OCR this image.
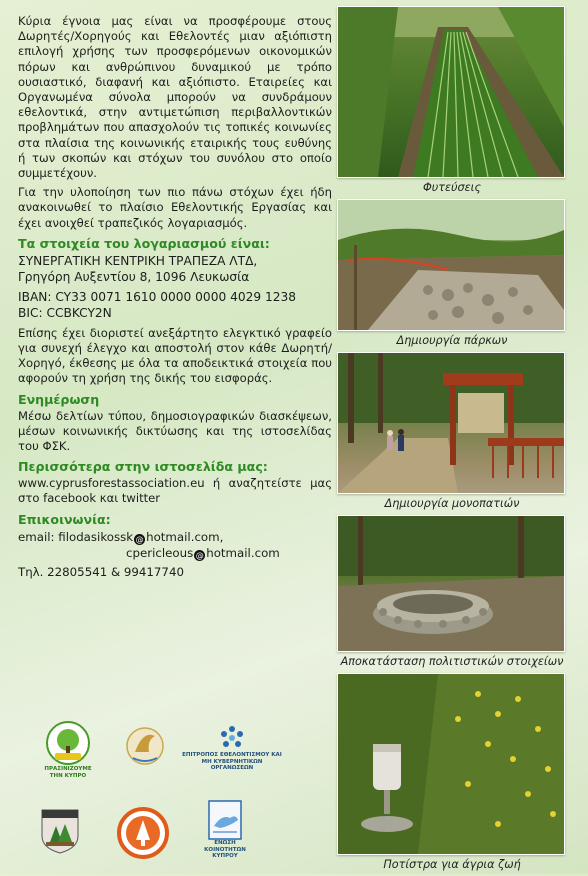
Κύρια έγνοια μας είναι να προσφέρουμε στους Δωρητές/Χορηγούς και Εθελοντές μιαν αξιόπιστη επιλογή χρήσης των προσφερόμενων οικονομικών πόρων και ανθρώπινου δυναμικού με τρόπο ουσιαστικό, διαφανή και αξιόπιστο. Εταιρείες και Οργανωμένα σύνολα μπορούν να συνδράμουν εθελοντικά, στην αντιμετώπιση περιβαλλοντικών προβλημάτων που απασχολούν τις τοπικές κοινωνίες στα πλαίσια της κοινωνικής εταιρικής τους ευθύνης ή των σκοπών και στόχων του συνόλου στο οποίο συμμετέχουν.

Για την υλοποίηση των πιο πάνω στόχων έχει ήδη ανακοινωθεί το πλαίσιο Εθελοντικής Εργασίας και έχει ανοιχθεί τραπεζικός λογαριασμός.

Τα στοιχεία του λογαριασμού είναι:

ΣΥΝΕΡΓΑΤΙΚΗ ΚΕΝΤΡΙΚΗ ΤΡΑΠΕΖΑ ΛΤΔ,

Γρηγόρη Αυξεντίου 8, 1096 Λευκωσία

IBAN: CY33 0071 1610 0000 0000 4029 1238

BIC: CCBKCY2N

Επίσης έχει διοριστεί ανεξάρτητο ελεγκτικό γραφείο για συνεχή έλεγχο και αποστολή στον κάθε Δωρητή/Χορηγό, έκθεσης με όλα τα αποδεικτικά στοιχεία που αφορούν τη χρήση της δικής του εισφοράς.

Ενημέρωση

Μέσω δελτίων τύπου, δημοσιογραφικών διασκέψεων, μέσων κοινωνικής δικτύωσης και της ιστοσελίδας του ΦΣΚ.

Περισσότερα στην ιστοσελίδα μας:

www.cyprusforestassociation.eu ή αναζητείστε μας στο facebook και twitter

Επικοινωνία:
email: filodasikossk @ hotmail.com,
cpericleous @ hotmail.com
Τηλ. 22805541 & 99417740
Φυτεύσεις
Δημιουργία πάρκων
Δημιουργία μονοπατιών
Αποκατάσταση πολιτιστικών στοιχείων
Ποτίστρα για άγρια ζωή
ΠΡΑΣΙΝΙΖΟΥΜΕ ΤΗΝ ΚΥΠΡΟ
ΕΠΙΤΡΟΠΟΣ ΕΘΕΛΟΝΤΙΣΜΟΥ ΚΑΙ ΜΗ ΚΥΒΕΡΝΗΤΙΚΩΝ ΟΡΓΑΝΩΣΕΩΝ
ΕΝΩΣΗ ΚΟΙΝΟΤΗΤΩΝ ΚΥΠΡΟΥ
